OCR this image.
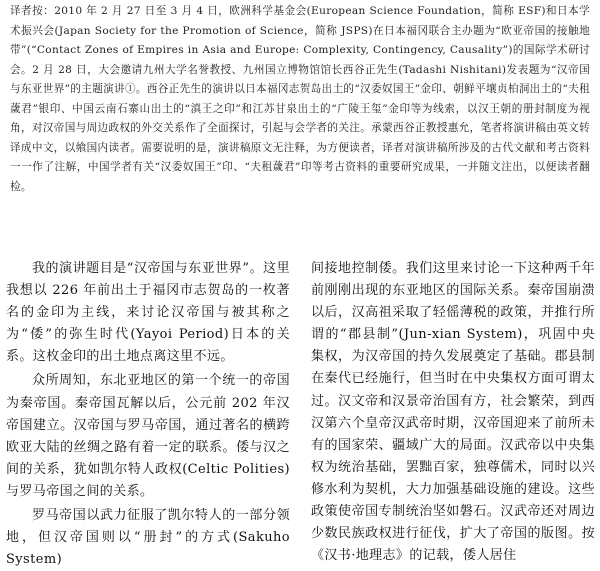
译者按：2010 年 2 月 27 日至 3 月 4 日，欧洲科学基金会(European Science Foundation，简称 ESF)和日本学术振兴会(Japan Society for the Promotion of Science，简称 JSPS)在日本福冈联合主办题为“欧亚帝国的接触地带”(“Contact Zones of Empires in Asia and Europe: Complexity, Contingency, Causality”)的国际学术研讨会。2 月 28 日，大会邀请九州大学名誉教授、九州国立博物馆馆长西谷正先生(Tadashi Nishitani)发表题为“汉帝国与东亚世界”的主题演讲①。西谷正先生的演讲以日本福冈志贺岛出土的“汉委奴国王”金印、朝鲜平壤贞柏洞出土的“夫租薉君”银印、中国云南石寨山出土的“滇王之印”和江苏甘泉出土的“广陵王玺”金印等为线索，以汉王朝的册封制度为视角，对汉帝国与周边政权的外交关系作了全面探讨，引起与会学者的关注。承蒙西谷正教授惠允，笔者将演讲稿由英文转译成中文，以飨国内读者。需要说明的是，演讲稿原文无注释，为方便读者，译者对演讲稿所涉及的古代文献和考古资料一一作了注解，中国学者有关“汉委奴国王”印、“夫租薉君”印等考古资料的重要研究成果，一并随文注出，以便读者翻检。

我的演讲题目是“汉帝国与东亚世界”。这里我想以 226 年前出土于福冈市志贺岛的一枚著名的金印为主线，来讨论汉帝国与被其称之为“倭”的弥生时代(Yayoi Period)日本的关系。这枚金印的出土地点离这里不远。

众所周知，东北亚地区的第一个统一的帝国为秦帝国。秦帝国瓦解以后，公元前 202 年汉帝国建立。汉帝国与罗马帝国，通过著名的横跨欧亚大陆的丝绸之路有着一定的联系。倭与汉之间的关系，犹如凯尔特人政权(Celtic Polities)与罗马帝国之间的关系。

罗马帝国以武力征服了凯尔特人的一部分领地，但汉帝国则以“册封”的方式(Sakuho System)

间接地控制倭。我们这里来讨论一下这种两千年前刚刚出现的东亚地区的国际关系。秦帝国崩溃以后，汉高祖采取了轻傜薄税的政策，并推行所谓的“郡县制”(Jun-xian System)，巩固中央集权，为汉帝国的持久发展奠定了基础。郡县制在秦代已经施行，但当时在中央集权方面可谓太过。汉文帝和汉景帝治国有方，社会繁荣，到西汉第六个皇帝汉武帝时期，汉帝国迎来了前所未有的国家荣、疆域广大的局面。汉武帝以中央集权为统治基础，罢黜百家，独尊儒术，同时以兴修水利为契机，大力加强基础设施的建设。这些政策使帝国专制统治坚如磐石。汉武帝还对周边少数民族政权进行征伐，扩大了帝国的版图。按《汉书·地理志》的记载，倭人居住
